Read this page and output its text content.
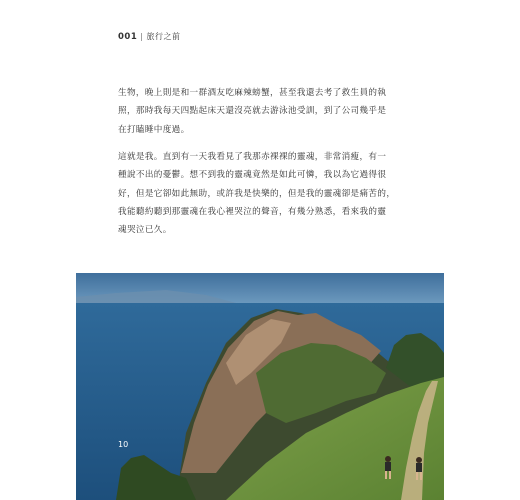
001 | 旅行之前
生物，晚上則是和一群酒友吃麻辣螃蟹，甚至我還去考了救生員的執
照，那時我每天四點起床天還沒亮就去游泳池受訓，到了公司幾乎是
在打瞌睡中度過。
這就是我。直到有一天我看見了我那赤裸裸的靈魂，非常消瘦，有一
種說不出的憂鬱。想不到我的靈魂竟然是如此可憐，我以為它過得很
好，但是它卻如此無助，或許我是快樂的，但是我的靈魂卻是痛苦的，
我能聽約聽到那靈魂在我心裡哭泣的聲音，有幾分熟悉，看來我的靈
魂哭泣已久。
10
